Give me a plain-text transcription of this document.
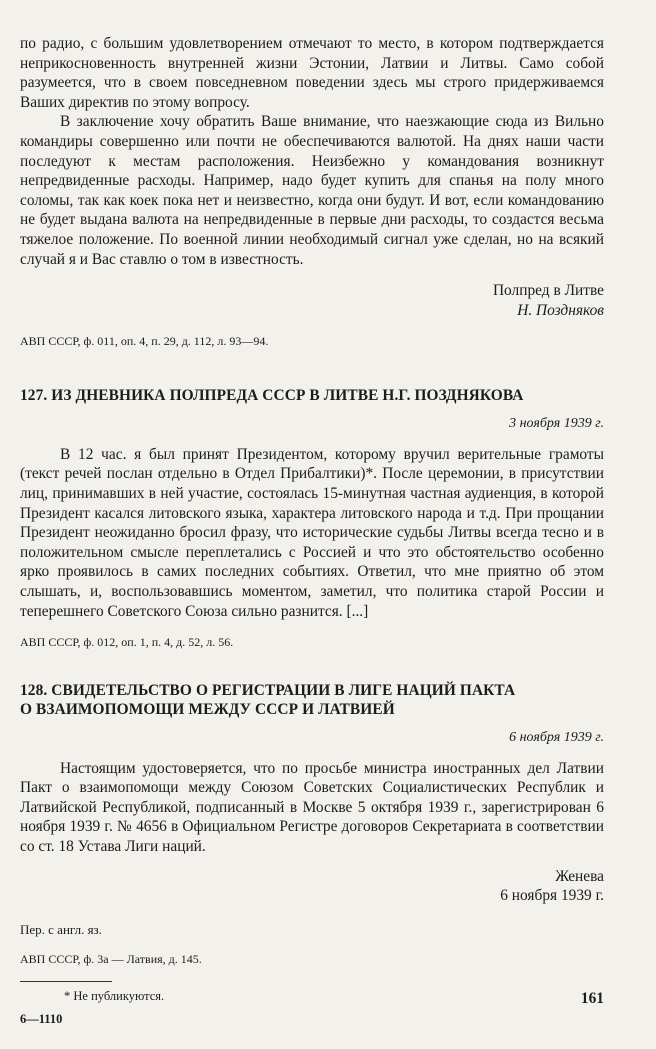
по радио, с большим удовлетворением отмечают то место, в котором подтверждается неприкосновенность внутренней жизни Эстонии, Латвии и Литвы. Само собой разумеется, что в своем повседневном поведении здесь мы строго придерживаемся Ваших директив по этому вопросу.

В заключение хочу обратить Ваше внимание, что наезжающие сюда из Вильно командиры совершенно или почти не обеспечиваются валютой. На днях наши части последуют к местам расположения. Неизбежно у командования возникнут непредвиденные расходы. Например, надо будет купить для спанья на полу много соломы, так как коек пока нет и неизвестно, когда они будут. И вот, если командованию не будет выдана валюта на непредвиденные в первые дни расходы, то создастся весьма тяжелое положение. По военной линии необходимый сигнал уже сделан, но на всякий случай я и Вас ставлю о том в известность.

Полпред в Литве
Н. Поздняков
АВП СССР, ф. 011, оп. 4, п. 29, д. 112, л. 93—94.
127. ИЗ ДНЕВНИКА ПОЛПРЕДА СССР В ЛИТВЕ Н.Г. ПОЗДНЯКОВА
3 ноября 1939 г.

В 12 час. я был принят Президентом, которому вручил верительные грамоты (текст речей послан отдельно в Отдел Прибалтики)*. После церемонии, в присутствии лиц, принимавших в ней участие, состоялась 15-минутная частная аудиенция, в которой Президент касался литовского языка, характера литовского народа и т.д. При прощании Президент неожиданно бросил фразу, что исторические судьбы Литвы всегда тесно и в положительном смысле переплетались с Россией и что это обстоятельство особенно ярко проявилось в самих последних событиях. Ответил, что мне приятно об этом слышать, и, воспользовавшись моментом, заметил, что политика старой России и теперешнего Советского Союза сильно разнится. [...]

АВП СССР, ф. 012, оп. 1, п. 4, д. 52, л. 56.
128. СВИДЕТЕЛЬСТВО О РЕГИСТРАЦИИ В ЛИГЕ НАЦИЙ ПАКТА
О ВЗАИМОПОМОЩИ МЕЖДУ СССР И ЛАТВИЕЙ
6 ноября 1939 г.

Настоящим удостоверяется, что по просьбе министра иностранных дел Латвии Пакт о взаимопомощи между Союзом Советских Социалистических Республик и Латвийской Республикой, подписанный в Москве 5 октября 1939 г., зарегистрирован 6 ноября 1939 г. № 4656 в Официальном Регистре договоров Секретариата в соответствии со ст. 18 Устава Лиги наций.

Женева
6 ноября 1939 г.
Пер. с англ. яз.
АВП СССР, ф. 3а — Латвия, д. 145.
* Не публикуются.	161
6—1110
